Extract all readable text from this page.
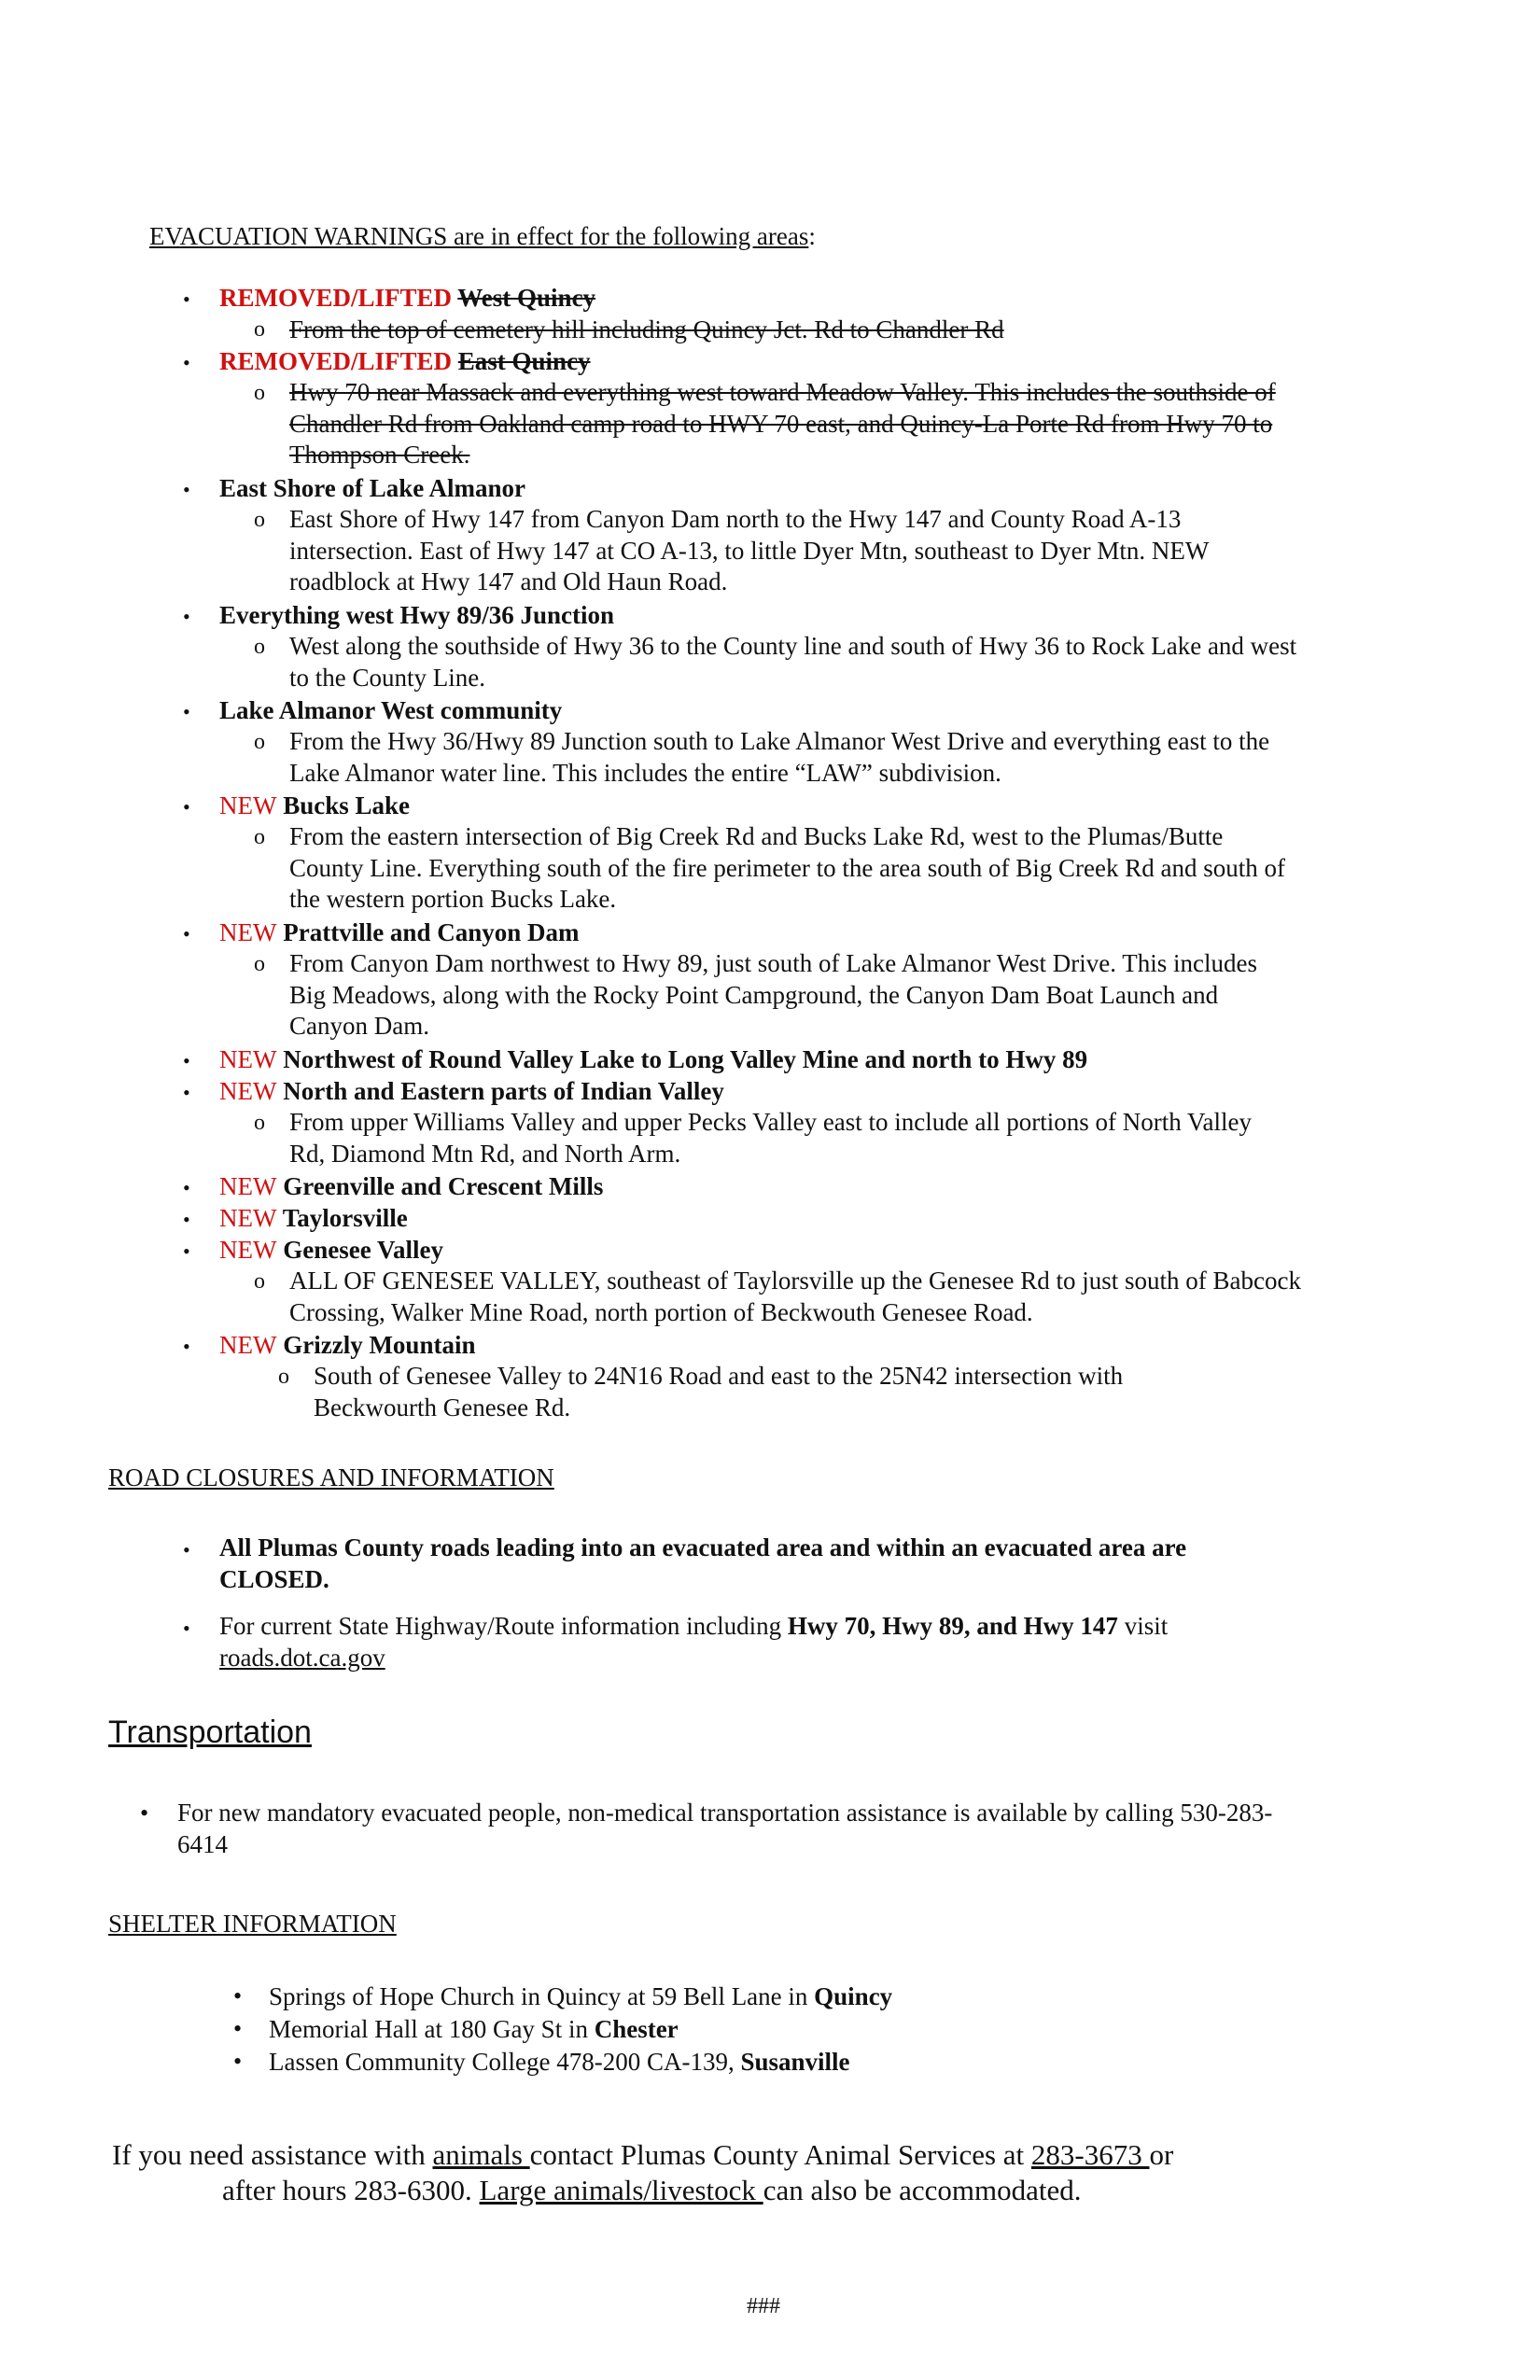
EVACUATION WARNINGS are in effect for the following areas:
• REMOVED/LIFTED West Quincy
o From the top of cemetery hill including Quincy Jct. Rd to Chandler Rd
• REMOVED/LIFTED East Quincy
o Hwy 70 near Massack and everything west toward Meadow Valley. This includes the southside of Chandler Rd from Oakland camp road to HWY 70 east, and Quincy-La Porte Rd from Hwy 70 to Thompson Creek.
• East Shore of Lake Almanor
o East Shore of Hwy 147 from Canyon Dam north to the Hwy 147 and County Road A-13 intersection. East of Hwy 147 at CO A-13, to little Dyer Mtn, southeast to Dyer Mtn. NEW roadblock at Hwy 147 and Old Haun Road.
• Everything west Hwy 89/36 Junction
o West along the southside of Hwy 36 to the County line and south of Hwy 36 to Rock Lake and west to the County Line.
• Lake Almanor West community
o From the Hwy 36/Hwy 89 Junction south to Lake Almanor West Drive and everything east to the Lake Almanor water line. This includes the entire “LAW” subdivision.
• NEW Bucks Lake
o From the eastern intersection of Big Creek Rd and Bucks Lake Rd, west to the Plumas/Butte County Line. Everything south of the fire perimeter to the area south of Big Creek Rd and south of the western portion Bucks Lake.
• NEW Prattville and Canyon Dam
o From Canyon Dam northwest to Hwy 89, just south of Lake Almanor West Drive. This includes Big Meadows, along with the Rocky Point Campground, the Canyon Dam Boat Launch and Canyon Dam.
• NEW Northwest of Round Valley Lake to Long Valley Mine and north to Hwy 89
• NEW North and Eastern parts of Indian Valley
o From upper Williams Valley and upper Pecks Valley east to include all portions of North Valley Rd, Diamond Mtn Rd, and North Arm.
• NEW Greenville and Crescent Mills
• NEW Taylorsville
• NEW Genesee Valley
o ALL OF GENESEE VALLEY, southeast of Taylorsville up the Genesee Rd to just south of Babcock Crossing, Walker Mine Road, north portion of Beckwouth Genesee Road.
• NEW Grizzly Mountain
o South of Genesee Valley to 24N16 Road and east to the 25N42 intersection with Beckwourth Genesee Rd.
ROAD CLOSURES AND INFORMATION
• All Plumas County roads leading into an evacuated area and within an evacuated area are CLOSED.
• For current State Highway/Route information including Hwy 70, Hwy 89, and Hwy 147 visit
roads.dot.ca.gov
Transportation
• For new mandatory evacuated people, non-medical transportation assistance is available by calling 530-283-6414
SHELTER INFORMATION
• Springs of Hope Church in Quincy at 59 Bell Lane in Quincy
• Memorial Hall at 180 Gay St in Chester
• Lassen Community College 478-200 CA-139, Susanville
If you need assistance with animals contact Plumas County Animal Services at 283-3673 or
after hours 283-6300. Large animals/livestock can also be accommodated.
###
